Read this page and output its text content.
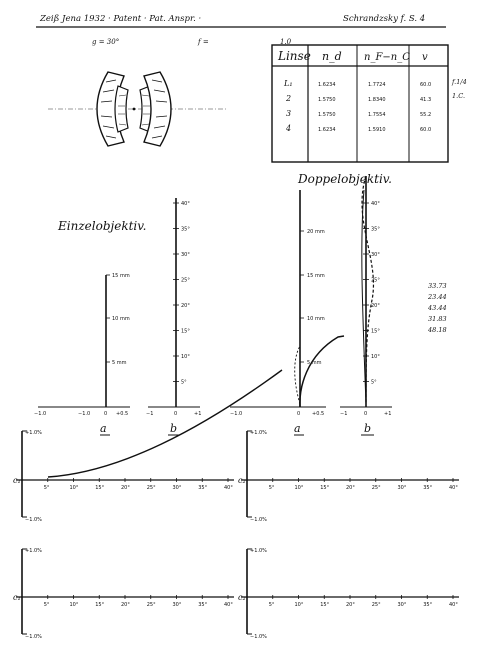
Zeiß Jena 1932 · Patent · Pat. Anspr. ·	Schrandzsky f. S. 4
g = 30°	f =	1.0
Linse n_d n_F−n_C v
L₁	1.6234	1.7724	60.0
2	1.5750	1.8340	41.3
3	1.5750	1.7554	55.2
4	1.6234	1.5910	60.0
f.1/4
1.C.
Einzelobjektiv.
Doppelobjektiv.
5 mm
10 mm
15 mm
−1.0	−1.0	0 +0.5
a
5°
10°
15°
20°
25°
30°
35°
40°
−1	0	+1
b
5 mm
10 mm
15 mm
20 mm
−1.0	0 +0.5
a
5°
10°
15°
20°
25°
30°
35°
40°
−1	0	+1
b
33.73
23.44
43.44
31.83
48.18
+1.0%
−1.0%
c₁
5°	10°	15°	20°	25°	30°	35°	40°
+1.0%
−1.0%
c₂
5°	10°	15°	20°	25°	30°	35°	40°
+1.0%
−1.0%
c₁
5°	10°	15°	20°	25°	30°	35°	40°
+1.0%
−1.0%
c₂
5°	10°	15°	20°	25°	30°	35°	40°
